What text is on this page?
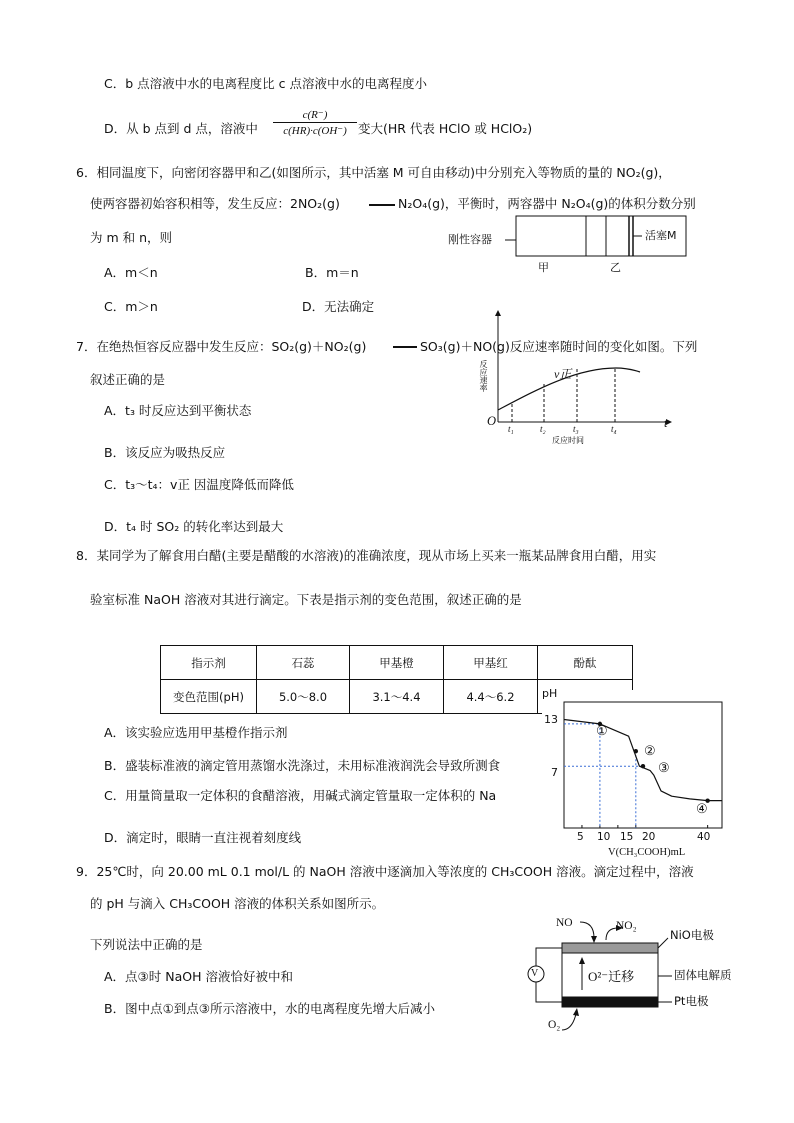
C．b 点溶液中水的电离程度比 c 点溶液中水的电离程度小
D．从 b 点到 d 点，溶液中 $\frac{c(R^-)}{c(HR)\cdot c(OH^-)}$ 变大(HR 代表 HClO 或 HClO₂)
6．相同温度下，向密闭容器甲和乙(如图所示，其中活塞 M 可自由移动)中分别充入等物质的量的 NO₂(g)，
使两容器初始容积相等，发生反应：2NO₂(g)	N₂O₄(g)，平衡时，两容器中 N₂O₄(g)的体积分数分别
为 m 和 n，则
A．m＜n	B．m＝n
C．m＞n	D．无法确定
刚性容器	活塞M
甲	乙
反应速率
O	t
v正
t₁	t₂	t₃	t₄
反应时间
7．在绝热恒容反应器中发生反应：SO₂(g)＋NO₂(g)	SO₃(g)＋NO(g)反应速率随时间的变化如图。下列
叙述正确的是
A．t₃ 时反应达到平衡状态
B．该反应为吸热反应
C．t₃～t₄：v正 因温度降低而降低
D．t₄ 时 SO₂ 的转化率达到最大
8．某同学为了解食用白醋(主要是醋酸的水溶液)的准确浓度，现从市场上买来一瓶某品牌食用白醋，用实
验室标准 NaOH 溶液对其进行滴定。下表是指示剂的变色范围，叙述正确的是
指示剂	石蕊	甲基橙	甲基红	酚酞
变色范围(pH)	5.0～8.0	3.1～4.4	4.4～6.2	
A．该实验应选用甲基橙作指示剂
B．盛装标准液的滴定管用蒸馏水洗涤过，未用标准液润洗会导致所测食
C．用量筒量取一定体积的食醋溶液，用碱式滴定管量取一定体积的 Na
D．滴定时，眼睛一直注视着刻度线
pH
13
7
5 10 15 20	40
V(CH₃COOH)mL
①
②
③
④
9．25℃时，向 20.00 mL 0.1 mol/L 的 NaOH 溶液中逐滴加入等浓度的 CH₃COOH 溶液。滴定过程中，溶液
的 pH 与滴入 CH₃COOH 溶液的体积关系如图所示。
下列说法中正确的是
A．点③时 NaOH 溶液恰好被中和
B．图中点①到点③所示溶液中，水的电离程度先增大后减小
V
NO	NO₂
O₂
O²⁻迁移
NiO电极
固体电解质
Pt电极
